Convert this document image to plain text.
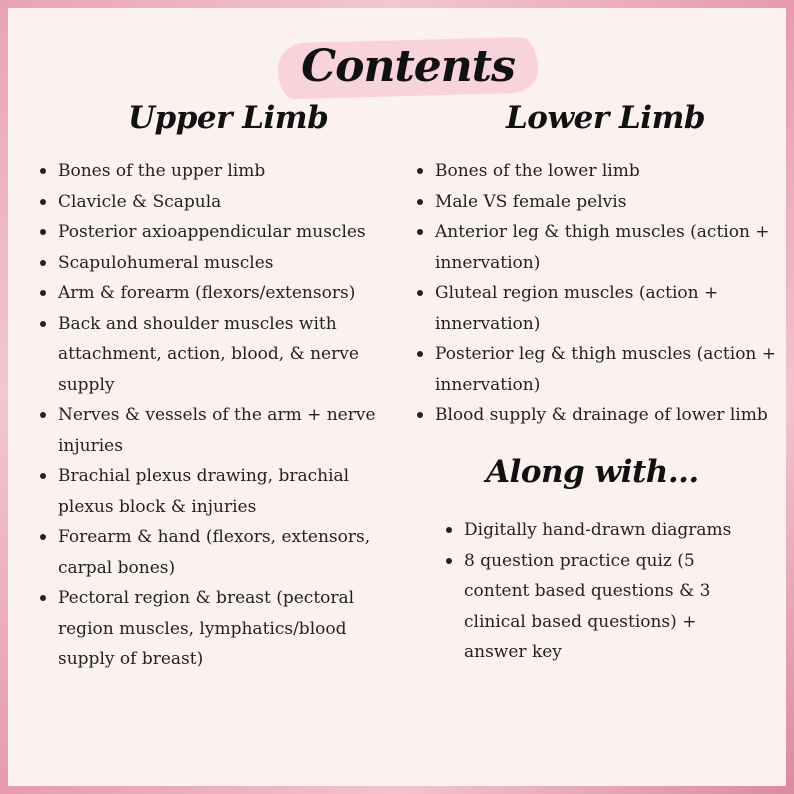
Contents
Upper Limb	Lower Limb
Bones of the upper limb
Clavicle & Scapula
Posterior axioappendicular muscles
Scapulohumeral muscles
Arm & forearm (flexors/extensors)
Back and shoulder muscles with attachment, action, blood, & nerve supply
Nerves & vessels of the arm + nerve injuries
Brachial plexus drawing, brachial plexus block & injuries
Forearm & hand (flexors, extensors, carpal bones)
Pectoral region & breast (pectoral region muscles, lymphatics/blood supply of breast)
Bones of the lower limb
Male VS female pelvis
Anterior leg & thigh muscles (action + innervation)
Gluteal region muscles (action + innervation)
Posterior leg & thigh muscles (action + innervation)
Blood supply & drainage of lower limb
Along with...
Digitally hand-drawn diagrams
8 question practice quiz (5 content based questions & 3 clinical based questions) + answer key
